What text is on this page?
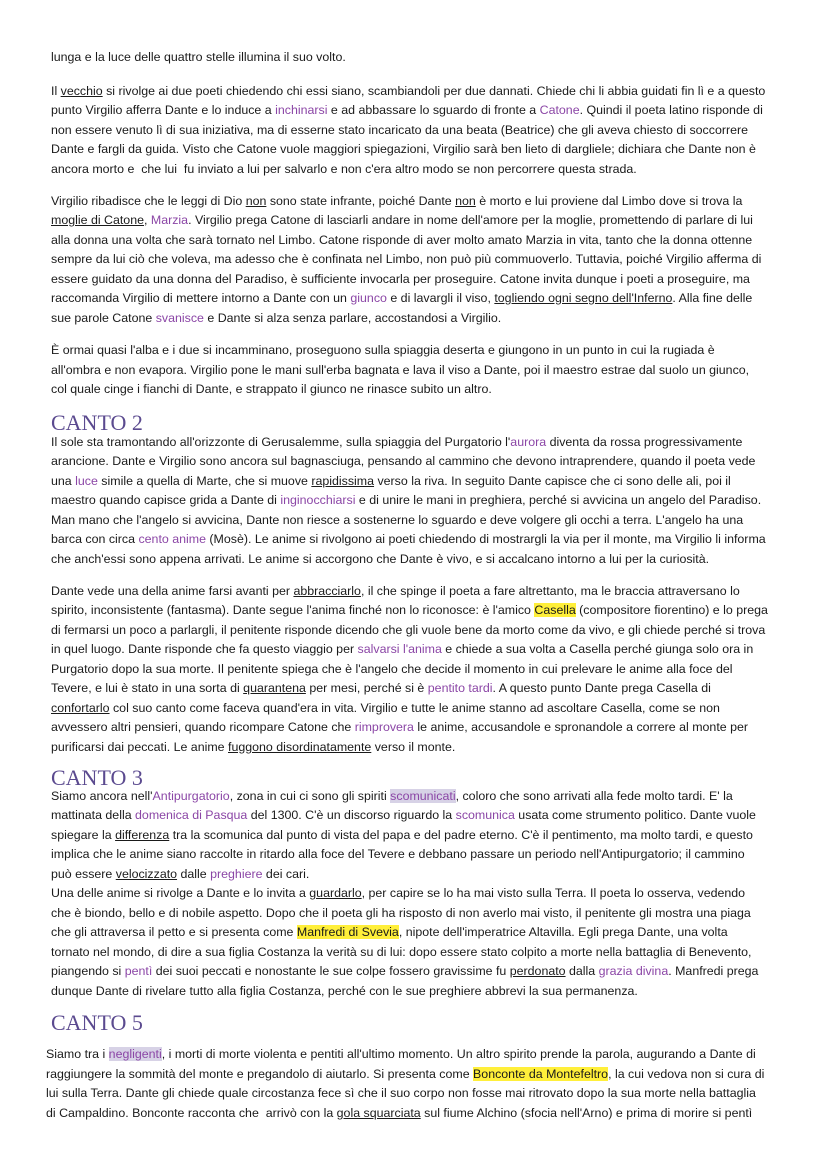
lunga e la luce delle quattro stelle illumina il suo volto.
Il vecchio si rivolge ai due poeti chiedendo chi essi siano, scambiandoli per due dannati. Chiede chi li abbia guidati fin lì e a questo
punto Virgilio afferra Dante e lo induce a inchinarsi e ad abbassare lo sguardo di fronte a Catone. Quindi il poeta latino risponde di
non essere venuto lì di sua iniziativa, ma di esserne stato incaricato da una beata (Beatrice) che gli aveva chiesto di soccorrere
Dante e fargli da guida. Visto che Catone vuole maggiori spiegazioni, Virgilio sarà ben lieto di dargliele; dichiara che Dante non è
ancora morto e  che lui  fu inviato a lui per salvarlo e non c'era altro modo se non percorrere questa strada.
Virgilio ribadisce che le leggi di Dio non sono state infrante, poiché Dante non è morto e lui proviene dal Limbo dove si trova la
moglie di Catone, Marzia. Virgilio prega Catone di lasciarli andare in nome dell'amore per la moglie, promettendo di parlare di lui
alla donna una volta che sarà tornato nel Limbo. Catone risponde di aver molto amato Marzia in vita, tanto che la donna ottenne
sempre da lui ciò che voleva, ma adesso che è confinata nel Limbo, non può più commuoverlo. Tuttavia, poiché Virgilio afferma di
essere guidato da una donna del Paradiso, è sufficiente invocarla per proseguire. Catone invita dunque i poeti a proseguire, ma
raccomanda Virgilio di mettere intorno a Dante con un giunco e di lavargli il viso, togliendo ogni segno dell'Inferno. Alla fine delle
sue parole Catone svanisce e Dante si alza senza parlare, accostandosi a Virgilio.
È ormai quasi l'alba e i due si incamminano, proseguono sulla spiaggia deserta e giungono in un punto in cui la rugiada è
all'ombra e non evapora. Virgilio pone le mani sull'erba bagnata e lava il viso a Dante, poi il maestro estrae dal suolo un giunco,
col quale cinge i fianchi di Dante, e strappato il giunco ne rinasce subito un altro.
CANTO 2
Il sole sta tramontando all'orizzonte di Gerusalemme, sulla spiaggia del Purgatorio l'aurora diventa da rossa progressivamente
arancione. Dante e Virgilio sono ancora sul bagnasciuga, pensando al cammino che devono intraprendere, quando il poeta vede
una luce simile a quella di Marte, che si muove rapidissima verso la riva. In seguito Dante capisce che ci sono delle ali, poi il
maestro quando capisce grida a Dante di inginocchiarsi e di unire le mani in preghiera, perché si avvicina un angelo del Paradiso.
Man mano che l'angelo si avvicina, Dante non riesce a sostenerne lo sguardo e deve volgere gli occhi a terra. L'angelo ha una
barca con circa cento anime (Mosè). Le anime si rivolgono ai poeti chiedendo di mostrargli la via per il monte, ma Virgilio li informa
che anch'essi sono appena arrivati. Le anime si accorgono che Dante è vivo, e si accalcano intorno a lui per la curiosità.
Dante vede una della anime farsi avanti per abbracciarlo, il che spinge il poeta a fare altrettanto, ma le braccia attraversano lo
spirito, inconsistente (fantasma). Dante segue l'anima finché non lo riconosce: è l'amico Casella (compositore fiorentino) e lo prega
di fermarsi un poco a parlargli, il penitente risponde dicendo che gli vuole bene da morto come da vivo, e gli chiede perché si trova
in quel luogo. Dante risponde che fa questo viaggio per salvarsi l'anima e chiede a sua volta a Casella perché giunga solo ora in
Purgatorio dopo la sua morte. Il penitente spiega che è l'angelo che decide il momento in cui prelevare le anime alla foce del
Tevere, e lui è stato in una sorta di quarantena per mesi, perché si è pentito tardi. A questo punto Dante prega Casella di
confortarlo col suo canto come faceva quand'era in vita. Virgilio e tutte le anime stanno ad ascoltare Casella, come se non
avvessero altri pensieri, quando ricompare Catone che rimprovera le anime, accusandole e spronandole a correre al monte per
purificarsi dai peccati. Le anime fuggono disordinatamente verso il monte.
CANTO 3
Siamo ancora nell'Antipurgatorio, zona in cui ci sono gli spiriti scomunicati, coloro che sono arrivati alla fede molto tardi. E' la
mattinata della domenica di Pasqua del 1300. C'è un discorso riguardo la scomunica usata come strumento politico. Dante vuole
spiegare la differenza tra la scomunica dal punto di vista del papa e del padre eterno. C'è il pentimento, ma molto tardi, e questo
implica che le anime siano raccolte in ritardo alla foce del Tevere e debbano passare un periodo nell'Antipurgatorio; il cammino
può essere velocizzato dalle preghiere dei cari.
Una delle anime si rivolge a Dante e lo invita a guardarlo, per capire se lo ha mai visto sulla Terra. Il poeta lo osserva, vedendo
che è biondo, bello e di nobile aspetto. Dopo che il poeta gli ha risposto di non averlo mai visto, il penitente gli mostra una piaga
che gli attraversa il petto e si presenta come Manfredi di Svevia, nipote dell'imperatrice Altavilla. Egli prega Dante, una volta
tornato nel mondo, di dire a sua figlia Costanza la verità su di lui: dopo essere stato colpito a morte nella battaglia di Benevento,
piangendo si pentì dei suoi peccati e nonostante le sue colpe fossero gravissime fu perdonato dalla grazia divina. Manfredi prega
dunque Dante di rivelare tutto alla figlia Costanza, perché con le sue preghiere abbrevi la sua permanenza.
CANTO 5
Siamo tra i negligenti, i morti di morte violenta e pentiti all'ultimo momento. Un altro spirito prende la parola, augurando a Dante di
raggiungere la sommità del monte e pregandolo di aiutarlo. Si presenta come Bonconte da Montefeltro, la cui vedova non si cura di
lui sulla Terra. Dante gli chiede quale circostanza fece sì che il suo corpo non fosse mai ritrovato dopo la sua morte nella battaglia
di Campaldino. Bonconte racconta che  arrivò con la gola squarciata sul fiume Alchino (sfocia nell'Arno) e prima di morire si pentì
